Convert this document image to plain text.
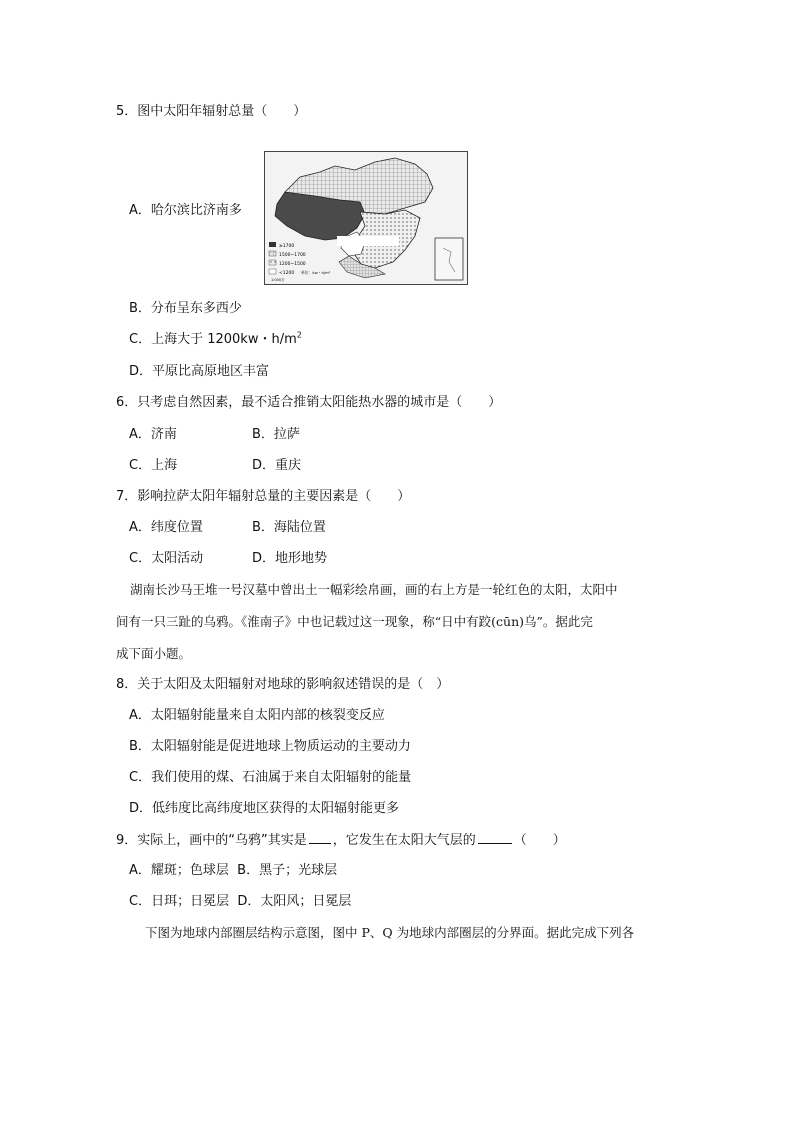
5．图中太阳年辐射总量（　　）
A．哈尔滨比济南多
≥1700
1500~1700
1200~1500
<1200 单位：kw・h/m²
1:000万
B．分布呈东多西少
C．上海大于 1200kw・$h/m^2$
D．平原比高原地区丰富
6．只考虑自然因素，最不适合推销太阳能热水器的城市是（　　）
A．济南	B．拉萨
C．上海	D．重庆
7．影响拉萨太阳年辐射总量的主要因素是（　　）
A．纬度位置	B．海陆位置
C．太阳活动	D．地形地势
湖南长沙马王堆一号汉墓中曾出土一幅彩绘帛画，画的右上方是一轮红色的太阳，太阳中
间有一只三趾的乌鸦。《淮南子》中也记载过这一现象，称“日中有跤(cūn)乌”。据此完
成下面小题。
8．关于太阳及太阳辐射对地球的影响叙述错误的是（　）
A．太阳辐射能量来自太阳内部的核裂变反应
B．太阳辐射能是促进地球上物质运动的主要动力
C．我们使用的煤、石油属于来自太阳辐射的能量
D．低纬度比高纬度地区获得的太阳辐射能更多
9．实际上，画中的“乌鸦”其实是 ，它发生在太阳大气层的	（　　）
A．耀斑；色球层 B．黑子；光球层
C．日珥；日冕层 D．太阳风；日冕层
下图为地球内部圈层结构示意图，图中 P、Q 为地球内部圈层的分界面。据此完成下列各
